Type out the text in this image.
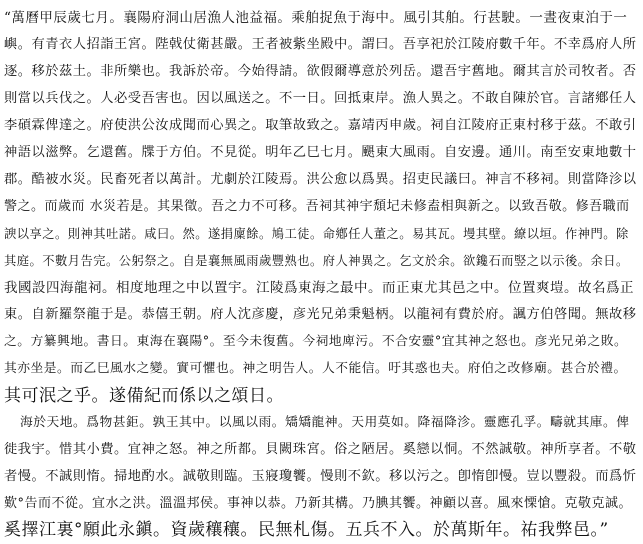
“萬曆甲辰歲七月。襄陽府洞山居漁人池益福。乘舶捉魚于海中。風引其舶。行甚駛。一晝夜東泊于一
嶼。有青衣人招詣王宮。陛戟仗衛甚嚴。王者被紫坐殿中。謂曰。吾享祀於江陵府數千年。不幸爲府人所
逐。移於茲土。非所樂也。我訴於帝。今始得請。欲假爾導意於列岳。還吾宇舊地。爾其言於司牧者。否
則當以兵伐之。人必受吾害也。因以風送之。不一日。回抵東岸。漁人異之。不敢自陳於官。言諸鄕任人
李碩霖俾達之。府使洪公汝成聞而心異之。取筆故致之。嘉靖丙申歲。祠自江陵府正東村移于茲。不敢引
神語以滋弊。乞還舊。牒于方伯。不見從。明年乙巳七月。颶東大風雨。自安邊。通川。南至安東地數十
郡。酷被水災。民畜死者以萬計。尤劇於江陵焉。洪公愈以爲異。招吏民議曰。神言不移祠。則當降沴以
警之。而歲而 水災若是。其果徵。吾之力不可移。吾祠其神宇頹圮未修盍相與新之。以致吾敬。修吾職而
諛以享之。則神其吐諾。咸曰。然。遂捐廩餘。鳩工徒。命鄕任人董之。易其瓦。墁其壁。繚以垣。作神門。除
其庭。不數月告完。公躬祭之。自是襄無風雨歲豐熟也。府人神異之。乞文於余。欲鑱石而竪之以示後。余日。
我國設四海龍祠。相度地理之中以置宇。江陵爲東海之最中。而正東尤其邑之中。位置爽塏。故名爲正
東。自新羅祭龍于是。恭僖王朝。府人沈彦慶，彦光兄弟秉魁柄。以龍祠有費於府。諷方伯啓聞。無故移
之。方纂興地。書日。東海在襄陽°。至今未復舊。今祠地庳污。不合安靈°宜其神之怒也。彦光兄弟之敗。
其亦坐是。而乙巳風水之變。實可懼也。神之明告人。人不能信。吁其惑也夫。府伯之改修廟。甚合於禮。
其可泯之乎。遂備紀而係以之頌日。
海於天地。爲物甚鉅。孰王其中。以風以雨。矯矯龍神。天用莫如。降福降沴。靈應孔孚。疇就其庫。俾
徙我宇。惜其小費。宜神之怒。神之所都。貝闕珠宮。俗之陋居。奚戀以恫。不然誠敬。神所享者。不敬
者慢。不誠則惰。掃地酌水。誠敬則臨。玉寢瓊饗。慢則不欽。移以污之。卽惰卽慢。豈以豐殺。而爲忻
歎°告而不從。宜水之洪。溫溫邦侯。事神以恭。乃新其構。乃腆其饗。神顧以喜。風來慄愴。克敬克誠。
奚擇江裏°願此永鎭。資歲穰穰。民無札傷。五兵不入。於萬斯年。祐我弊邑。”
